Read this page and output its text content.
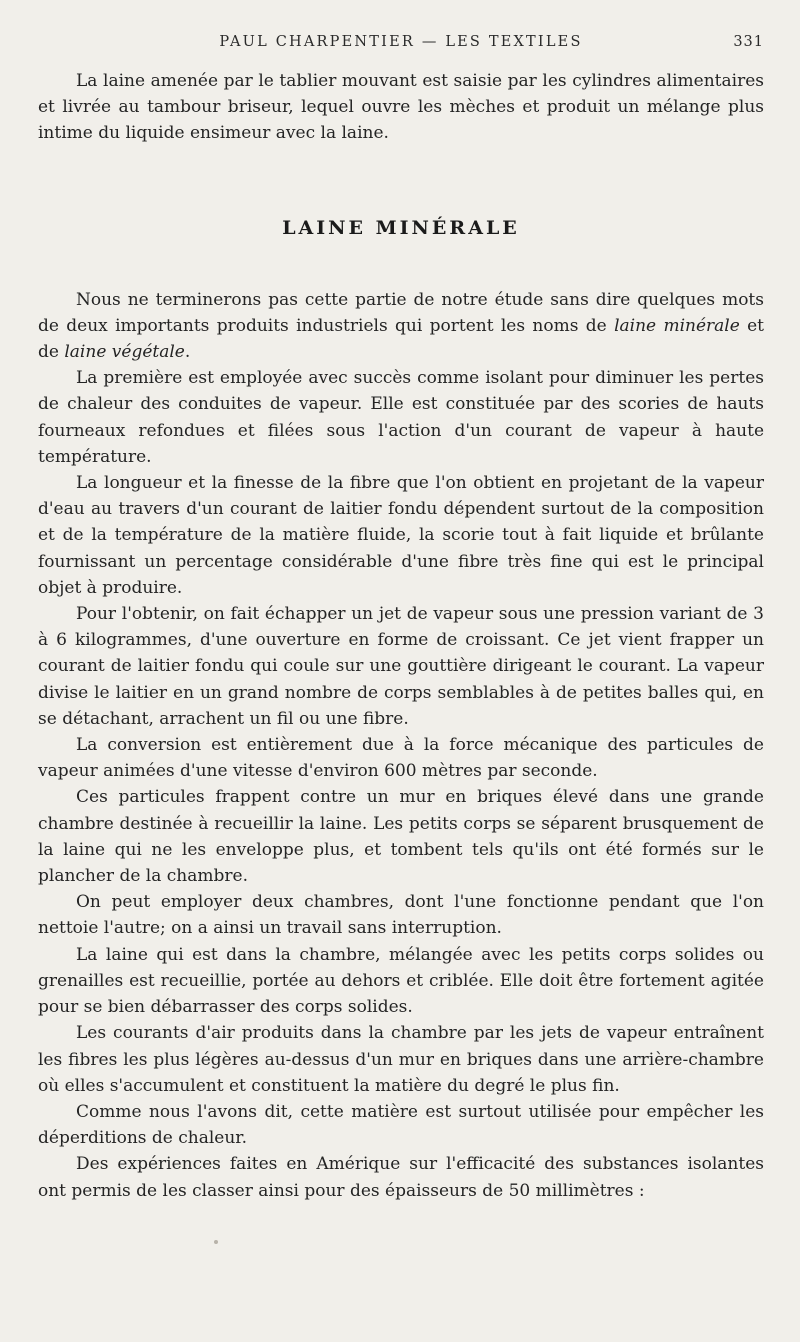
PAUL CHARPENTIER — LES TEXTILES	331

La laine amenée par le tablier mouvant est saisie par les cylindres alimentaires et livrée au tambour briseur, lequel ouvre les mèches et produit un mélange plus intime du liquide ensimeur avec la laine.

LAINE MINÉRALE

Nous ne terminerons pas cette partie de notre étude sans dire quelques mots de deux importants produits industriels qui portent les noms de laine minérale et de laine végétale.

La première est employée avec succès comme isolant pour diminuer les pertes de chaleur des conduites de vapeur. Elle est constituée par des scories de hauts fourneaux refondues et filées sous l'action d'un courant de vapeur à haute température.

La longueur et la finesse de la fibre que l'on obtient en projetant de la vapeur d'eau au travers d'un courant de laitier fondu dépendent surtout de la composition et de la température de la matière fluide, la scorie tout à fait liquide et brûlante fournissant un percentage considérable d'une fibre très fine qui est le principal objet à produire.

Pour l'obtenir, on fait échapper un jet de vapeur sous une pression variant de 3 à 6 kilogrammes, d'une ouverture en forme de croissant. Ce jet vient frapper un courant de laitier fondu qui coule sur une gouttière dirigeant le courant. La vapeur divise le laitier en un grand nombre de corps semblables à de petites balles qui, en se détachant, arrachent un fil ou une fibre.

La conversion est entièrement due à la force mécanique des particules de vapeur animées d'une vitesse d'environ 600 mètres par seconde.

Ces particules frappent contre un mur en briques élevé dans une grande chambre destinée à recueillir la laine. Les petits corps se séparent brusquement de la laine qui ne les enveloppe plus, et tombent tels qu'ils ont été formés sur le plancher de la chambre.

On peut employer deux chambres, dont l'une fonctionne pendant que l'on nettoie l'autre; on a ainsi un travail sans interruption.

La laine qui est dans la chambre, mélangée avec les petits corps solides ou grenailles est recueillie, portée au dehors et criblée. Elle doit être fortement agitée pour se bien débarrasser des corps solides.

Les courants d'air produits dans la chambre par les jets de vapeur entraînent les fibres les plus légères au-dessus d'un mur en briques dans une arrière-chambre où elles s'accumulent et constituent la matière du degré le plus fin.

Comme nous l'avons dit, cette matière est surtout utilisée pour empêcher les déperditions de chaleur.

Des expériences faites en Amérique sur l'efficacité des substances isolantes ont permis de les classer ainsi pour des épaisseurs de 50 millimètres :
